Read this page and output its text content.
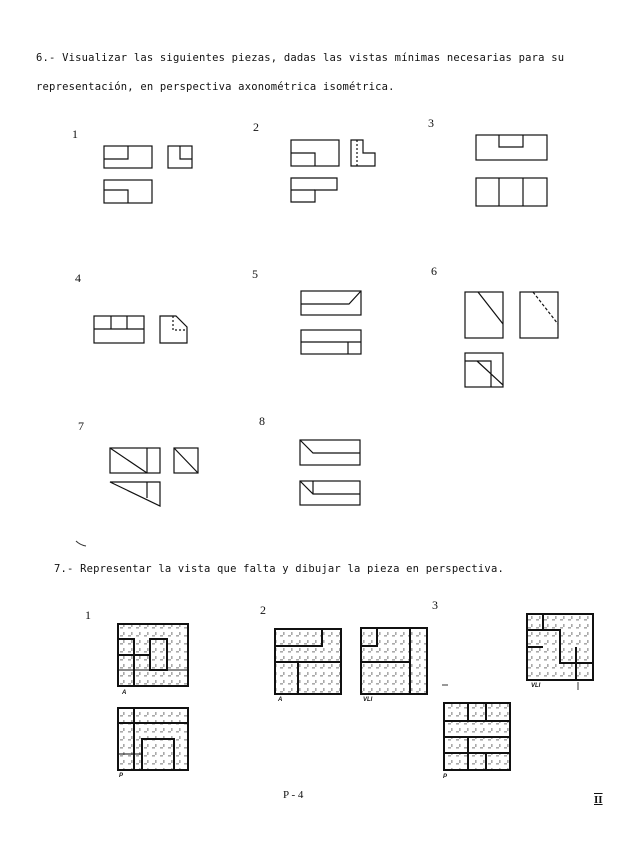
6.- Visualizar las siguientes piezas, dadas las vistas mínimas necesarias para su
representación, en perspectiva axonométrica isométrica.
1	2	3
4	5	6
7	8
7.- Representar la vista que falta y dibujar la pieza en perspectiva.
1	2	3
A
P
A	VLI
VLI
P
P - 4	II
